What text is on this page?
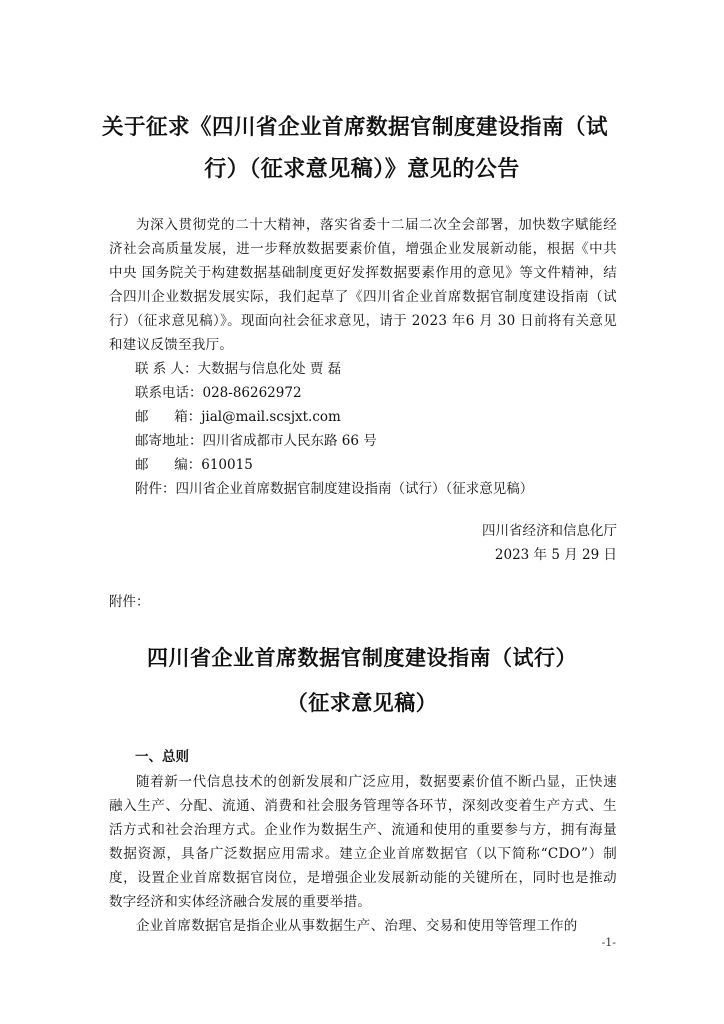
关于征求《四川省企业首席数据官制度建设指南（试
行）（征求意见稿）》意见的公告
为深入贯彻党的二十大精神，落实省委十二届二次全会部署，加快数字赋能经济社会高质量发展，进一步释放数据要素价值，增强企业发展新动能，根据《中共中央 国务院关于构建数据基础制度更好发挥数据要素作用的意见》等文件精神，结合四川企业数据发展实际，我们起草了《四川省企业首席数据官制度建设指南（试行）（征求意见稿）》。现面向社会征求意见，请于 2023 年6 月 30 日前将有关意见和建议反馈至我厅。
联 系 人：大数据与信息化处 贾 磊
联系电话：028-86262972
邮      箱：jial@mail.scsjxt.com
邮寄地址：四川省成都市人民东路 66 号
邮      编：610015
附件：四川省企业首席数据官制度建设指南（试行）（征求意见稿）
四川省经济和信息化厅
2023 年 5 月 29 日
附件：
四川省企业首席数据官制度建设指南（试行）
（征求意见稿）
一、总则
随着新一代信息技术的创新发展和广泛应用，数据要素价值不断凸显，正快速融入生产、分配、流通、消费和社会服务管理等各环节，深刻改变着生产方式、生活方式和社会治理方式。企业作为数据生产、流通和使用的重要参与方，拥有海量数据资源，具备广泛数据应用需求。建立企业首席数据官（以下简称“CDO”）制度，设置企业首席数据官岗位，是增强企业发展新动能的关键所在，同时也是推动数字经济和实体经济融合发展的重要举措。
企业首席数据官是指企业从事数据生产、治理、交易和使用等管理工作的
-1-
